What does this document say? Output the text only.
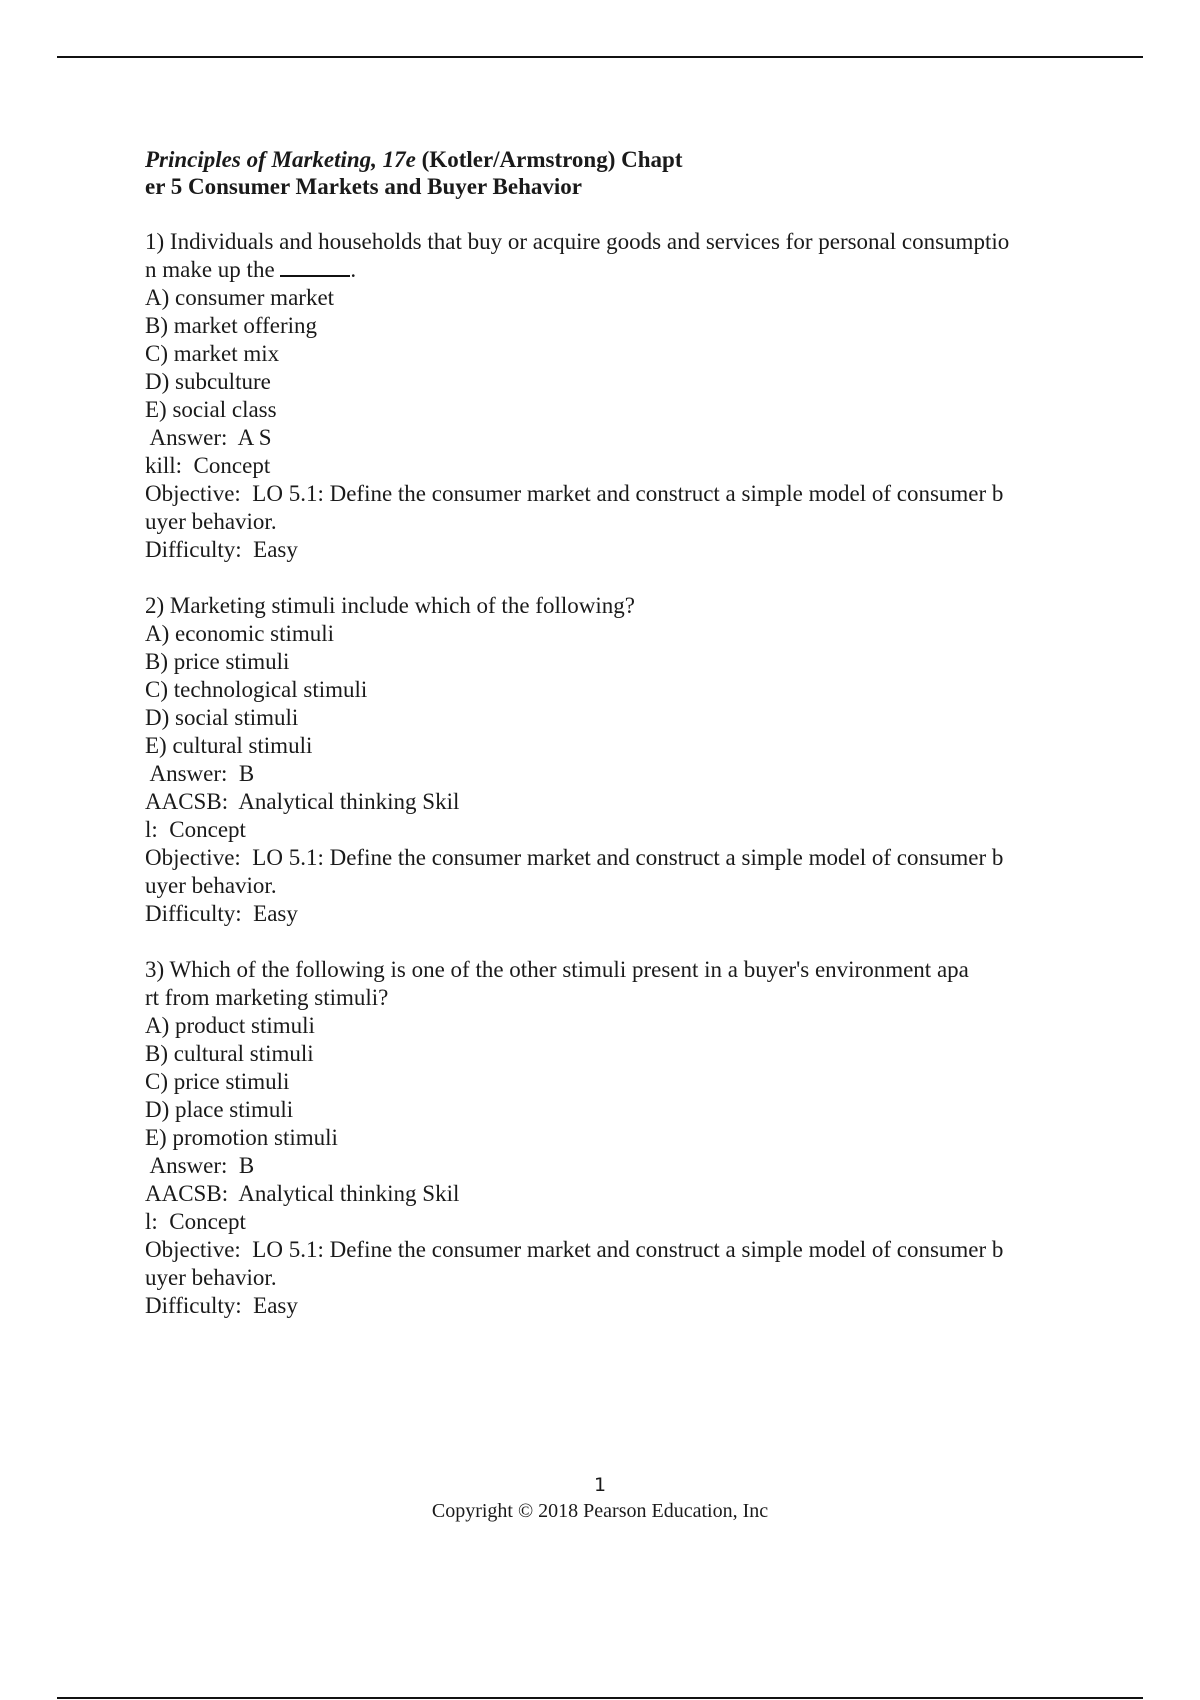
Principles of Marketing, 17e (Kotler/Armstrong) Chapt
er 5 Consumer Markets and Buyer Behavior
1) Individuals and households that buy or acquire goods and services for personal consumptio
n make up the	.
A) consumer market
B) market offering
C) market mix
D) subculture
E) social class
Answer:  A S
kill:  Concept
Objective:  LO 5.1: Define the consumer market and construct a simple model of consumer b
uyer behavior.
Difficulty:  Easy
2) Marketing stimuli include which of the following?
A) economic stimuli
B) price stimuli
C) technological stimuli
D) social stimuli
E) cultural stimuli
Answer:  B
AACSB:  Analytical thinking Skil
l:  Concept
Objective:  LO 5.1: Define the consumer market and construct a simple model of consumer b
uyer behavior.
Difficulty:  Easy
3) Which of the following is one of the other stimuli present in a buyer's environment apa
rt from marketing stimuli?
A) product stimuli
B) cultural stimuli
C) price stimuli
D) place stimuli
E) promotion stimuli
Answer:  B
AACSB:  Analytical thinking Skil
l:  Concept
Objective:  LO 5.1: Define the consumer market and construct a simple model of consumer b
uyer behavior.
Difficulty:  Easy
1
Copyright © 2018 Pearson Education, Inc
